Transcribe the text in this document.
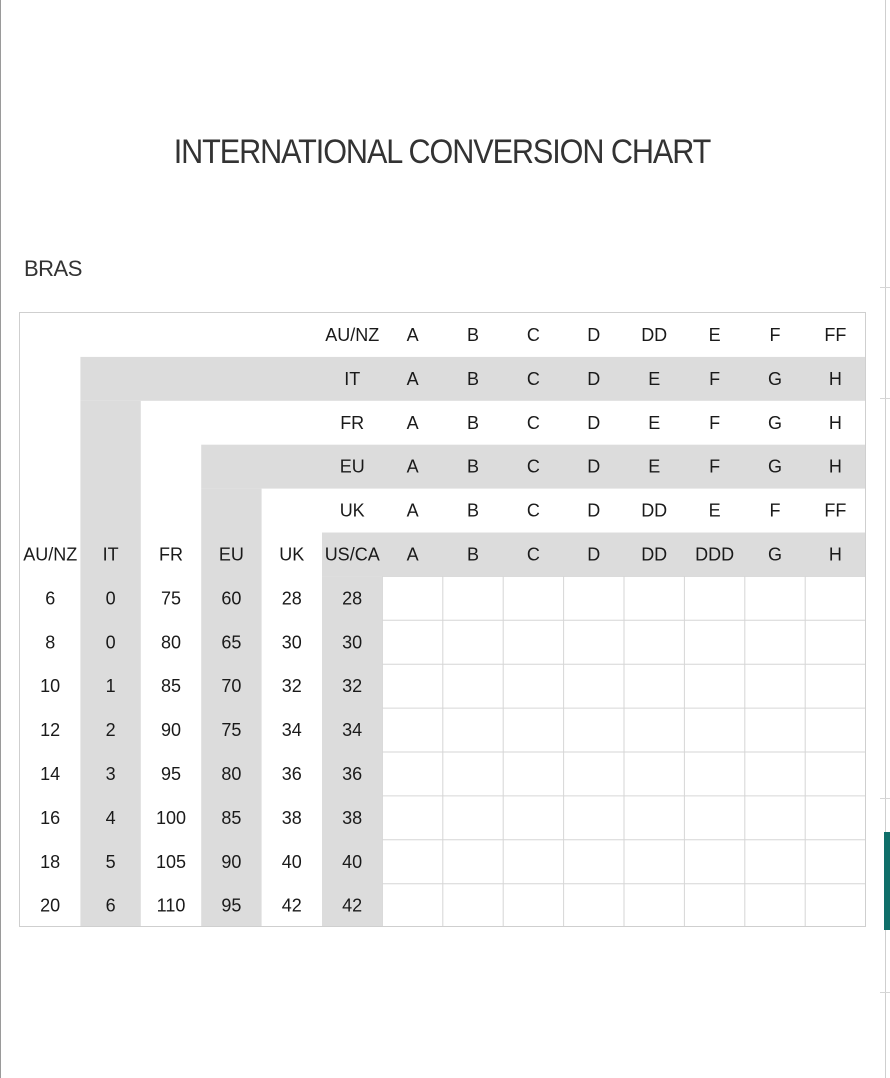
INTERNATIONAL CONVERSION CHART
BRAS
AU/NZ A	B	C	D DD E	F FF
IT	A	B	C	D	E	F	G	H
FR A	B	C	D	E	F	G	H
EU A	B	C	D	E	F	G	H
UK A	B	C	D DD E	F FF
US/CA A	B	C	D DD DDD G	H
AU/NZ IT FR EU UK
6	0	75 60 28 28
8	0	80 65 30 30
10	1	85 70 32 32
12	2	90 75 34 34
14	3	95 80 36 36
16	4 100 85 38 38
18	5 105 90 40 40
20	6 110 95 42 42
